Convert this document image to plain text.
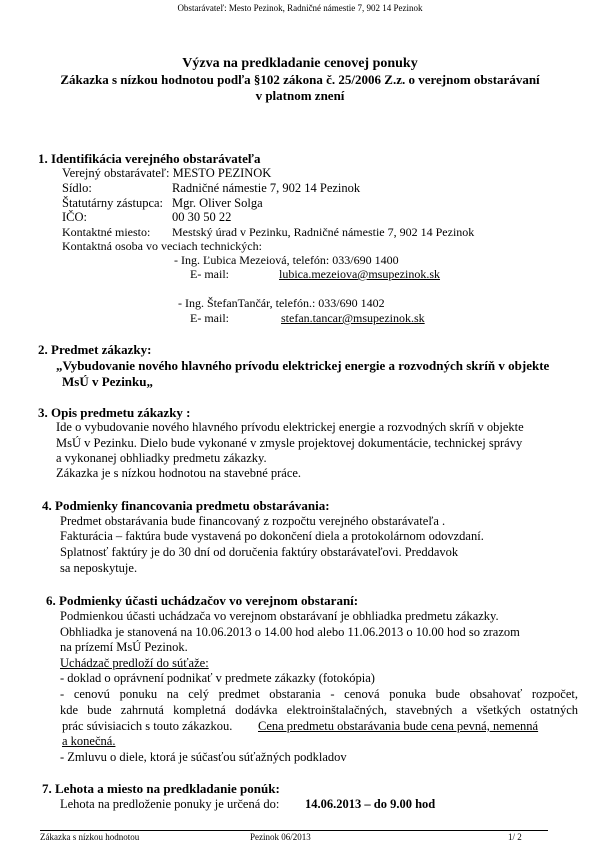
Obstarávateľ: Mesto Pezinok, Radničné námestie 7, 902 14 Pezinok
Výzva na predkladanie cenovej ponuky
Zákazka s nízkou hodnotou podľa §102 zákona č. 25/2006 Z.z. o verejnom obstarávaní
v platnom znení
1. Identifikácia verejného obstarávateľa
Verejný obstarávateľ: MESTO PEZINOK
Sídlo:	Radničné námestie 7, 902 14 Pezinok
Štatutárny zástupca: Mgr. Oliver Solga
IČO:	00 30 50 22
Kontaktné miesto: Mestský úrad v Pezinku, Radničné námestie 7, 902 14 Pezinok
Kontaktná osoba vo veciach technických:
- Ing. Ľubica Mezeiová, telefón: 033/690 1400
E- mail:	lubica.mezeiova@msupezinok.sk
- Ing. ŠtefanTančár, telefón.: 033/690 1402
E- mail:	stefan.tancar@msupezinok.sk
2. Predmet zákazky:
„Vybudovanie nového hlavného prívodu elektrickej energie a rozvodných skríň v objekte
MsÚ v Pezinku„
3. Opis predmetu zákazky :
Ide o vybudovanie nového hlavného prívodu elektrickej energie a rozvodných skríň v objekte
MsÚ v Pezinku. Dielo bude vykonané v zmysle projektovej dokumentácie, technickej správy
a vykonanej obhliadky predmetu zákazky.
Zákazka je s nízkou hodnotou na stavebné práce.
4. Podmienky financovania predmetu obstarávania:
Predmet obstarávania bude financovaný z rozpočtu verejného obstarávateľa .
Fakturácia – faktúra bude vystavená po dokončení diela a protokolárnom odovzdaní.
Splatnosť faktúry je do 30 dní od doručenia faktúry obstarávateľovi. Preddavok
sa neposkytuje.
6. Podmienky účasti uchádzačov vo verejnom obstaraní:
Podmienkou účasti uchádzača vo verejnom obstarávaní je obhliadka predmetu zákazky.
Obhliadka je stanovená na 10.06.2013 o 14.00 hod alebo 11.06.2013 o 10.00 hod so zrazom
na prízemí MsÚ Pezinok.
Uchádzač predloží do súťaže:
- doklad o oprávnení podnikať v predmete zákazky (fotokópia)
- cenovú ponuku na celý predmet obstarania - cenová ponuka bude obsahovať rozpočet,
kde bude zahrnutá kompletná dodávka elektroinštalačných, stavebných a všetkých ostatných
prác súvisiacich s touto zákazkou. Cena predmetu obstarávania bude cena pevná, nemenná
a konečná.
- Zmluvu o diele, ktorá je súčasťou súťažných podkladov
7. Lehota a miesto na predkladanie ponúk:
Lehota na predloženie ponuky je určená do: 14.06.2013 – do 9.00 hod
Zákazka s nízkou hodnotou	Pezinok 06/2013	1/ 2
